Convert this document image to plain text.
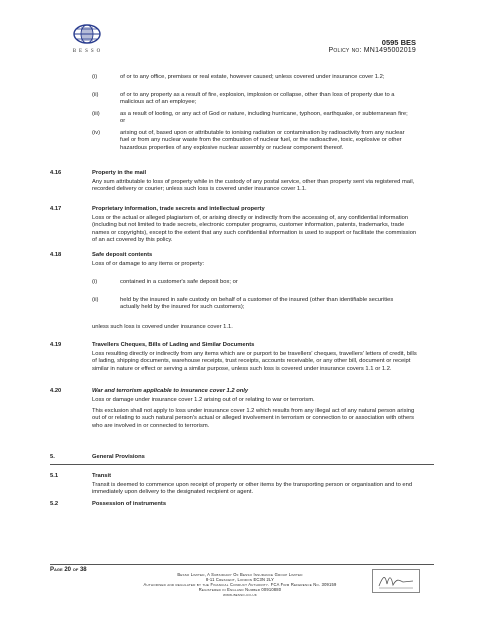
BESSO
0595 BES
Policy no: MN1495002019
(i)	of or to any office, premises or real estate, however caused; unless covered under insurance cover 1.2;
(ii)	of or to any property as a result of fire, explosion, implosion or collapse, other than loss of property due to a malicious act of an employee;
(iii)	as a result of looting, or any act of God or nature, including hurricane, typhoon, earthquake, or subterranean fire; or
(iv)	arising out of, based upon or attributable to ionising radiation or contamination by radioactivity from any nuclear fuel or from any nuclear waste from the combustion of nuclear fuel, or the radioactive, toxic, explosive or other hazardous properties of any explosive nuclear assembly or nuclear component thereof.
4.16	Property in the mail
Any sum attributable to loss of property while in the custody of any postal service, other than property sent via registered mail, recorded delivery or courier; unless such loss is covered under insurance cover 1.1.
4.17	Proprietary information, trade secrets and intellectual property
Loss or the actual or alleged plagiarism of, or arising directly or indirectly from the accessing of, any confidential information (including but not limited to trade secrets, electronic computer programs, customer information, patents, trademarks, trade names or copyrights), except to the extent that any such confidential information is used to support or facilitate the commission of an act covered by this policy.
4.18	Safe deposit contents
Loss of or damage to any items or property:
(i)	contained in a customer's safe deposit box; or
(ii)	held by the insured in safe custody on behalf of a customer of the insured (other than identifiable securities actually held by the insured for such customers);
unless such loss is covered under insurance cover 1.1.
4.19	Travellers Cheques, Bills of Lading and Similar Documents
Loss resulting directly or indirectly from any items which are or purport to be travellers' cheques, travellers' letters of credit, bills of lading, shipping documents, warehouse receipts, trust receipts, accounts receivable, or any other bill, document or receipt similar in nature or effect or serving a similar purpose, unless such loss is covered under insurance covers 1.1 or 1.2.
4.20	War and terrorism applicable to insurance cover 1.2 only
Loss or damage under insurance cover 1.2 arising out of or relating to war or terrorism.
This exclusion shall not apply to loss under insurance cover 1.2 which results from any illegal act of any natural person arising out of or relating to such natural person's actual or alleged involvement in terrorism or connection to or association with others who are involved in or connected to terrorism.
5.	General Provisions
5.1	Transit
Transit is deemed to commence upon receipt of property or other items by the transporting person or organisation and to end immediately upon delivery to the designated recipient or agent.
5.2	Possession of instruments
Page 20 of 38
Besso Limited, A Subsidiary Of Besso Insurance Group Limited
8-11 Crescent, London EC3N 2LY
Authorised and regulated by the Financial Conduct Authority. FCA Firm Reference No. 309159
Registered in England Number 00910880
www.besso.co.uk
